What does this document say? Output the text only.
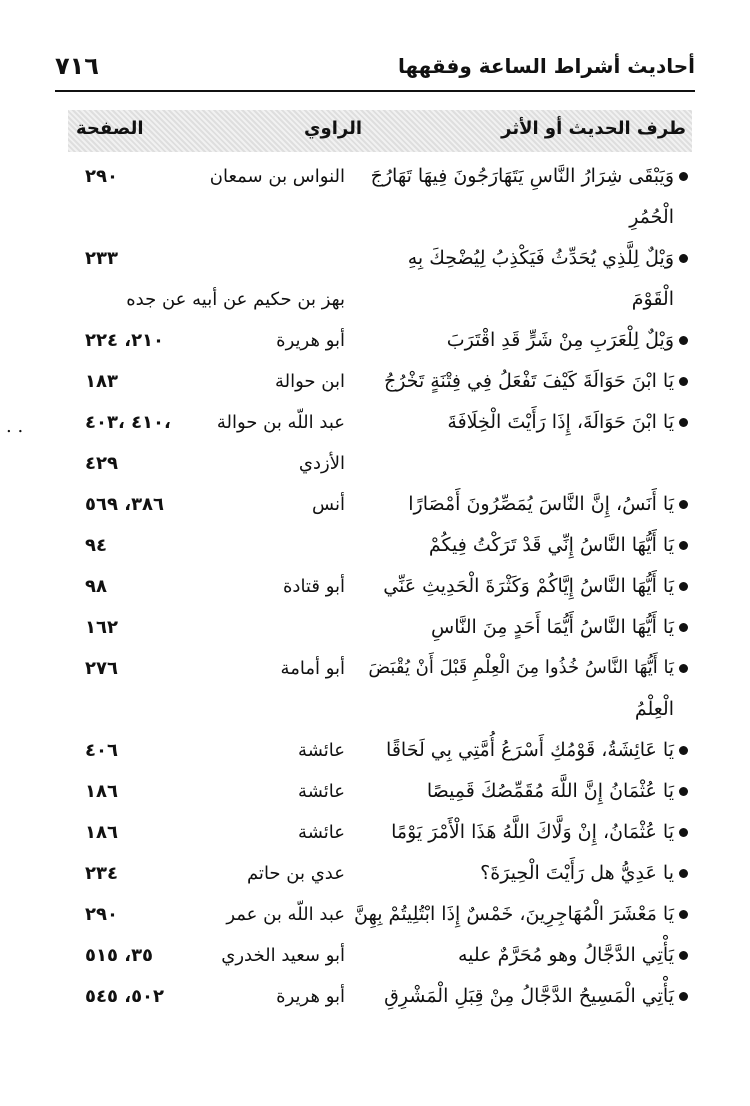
أحاديث أشراط الساعة وفقهها
٧١٦
طرف الحديث أو الأثر
الراوي
الصفحة
وَيَبْقَى شِرَارُ النَّاسِ يَتَهَارَجُونَ فِيهَا تَهَارُجَ
النواس بن سمعان
٢٩٠
الْحُمُرِ
وَيْلٌ لِلَّذِي يُحَدِّثُ فَيَكْذِبُ لِيُضْحِكَ بِهِ
٢٣٣
الْقَوْمَ
بهز بن حكيم عن أبيه عن جده
وَيْلٌ لِلْعَرَبِ مِنْ شَرٍّ قَدِ اقْتَرَبَ
أبو هريرة
٢٢٤ ،٢١٠
يَا ابْنَ حَوَالَةَ كَيْفَ تَفْعَلُ فِي فِتْنَةٍ تَخْرُجُ
ابن حوالة
١٨٣
يَا ابْنَ حَوَالَةَ، إِذَا رَأَيْتَ الْخِلَافَةَ
عبد اللّه بن حوالة
٤٠٣، ٤١٠،
الأزدي
٤٢٩
يَا أَنَسُ، إِنَّ النَّاسَ يُمَصِّرُونَ أَمْصَارًا
أنس
٥٦٩ ،٣٨٦
يَا أَيُّهَا النَّاسُ إِنِّي قَدْ تَرَكْتُ فِيكُمْ
٩٤
يَا أَيُّهَا النَّاسُ إِيَّاكُمْ وَكَثْرَةَ الْحَدِيثِ عَنِّي
أبو قتادة
٩٨
يَا أَيُّهَا النَّاسُ أَيُّمَا أَحَدٍ مِنَ النَّاسِ
١٦٢
يَا أَيُّهَا النَّاسُ خُذُوا مِنَ الْعِلْمِ قَبْلَ أَنْ يُقْبَضَ
أبو أمامة
٢٧٦
الْعِلْمُ
يَا عَائِشَةُ، قَوْمُكِ أَسْرَعُ أُمَّتِي بِي لَحَاقًا
عائشة
٤٠٦
يَا عُثْمَانُ إِنَّ اللَّهَ مُقَمِّصُكَ قَمِيصًا
عائشة
١٨٦
يَا عُثْمَانُ، إِنْ وَلَّاكَ اللَّهُ هَذَا الْأَمْرَ يَوْمًا
عائشة
١٨٦
يا عَدِيُّ هل رَأَيْتَ الْحِيرَةَ؟
عدي بن حاتم
٢٣٤
يَا مَعْشَرَ الْمُهَاجِرِينَ، خَمْسٌ إِذَا ابْتُلِيتُمْ بِهِنَّ
عبد اللّه بن عمر
٢٩٠
يَأْتِي الدَّجَّالُ وهو مُحَرَّمٌ عليه
أبو سعيد الخدري
٥١٥ ،٣٥
يَأْتِي الْمَسِيحُ الدَّجَّالُ مِنْ قِبَلِ الْمَشْرِقِ
أبو هريرة
٥٤٥ ،٥٠٢
. .
